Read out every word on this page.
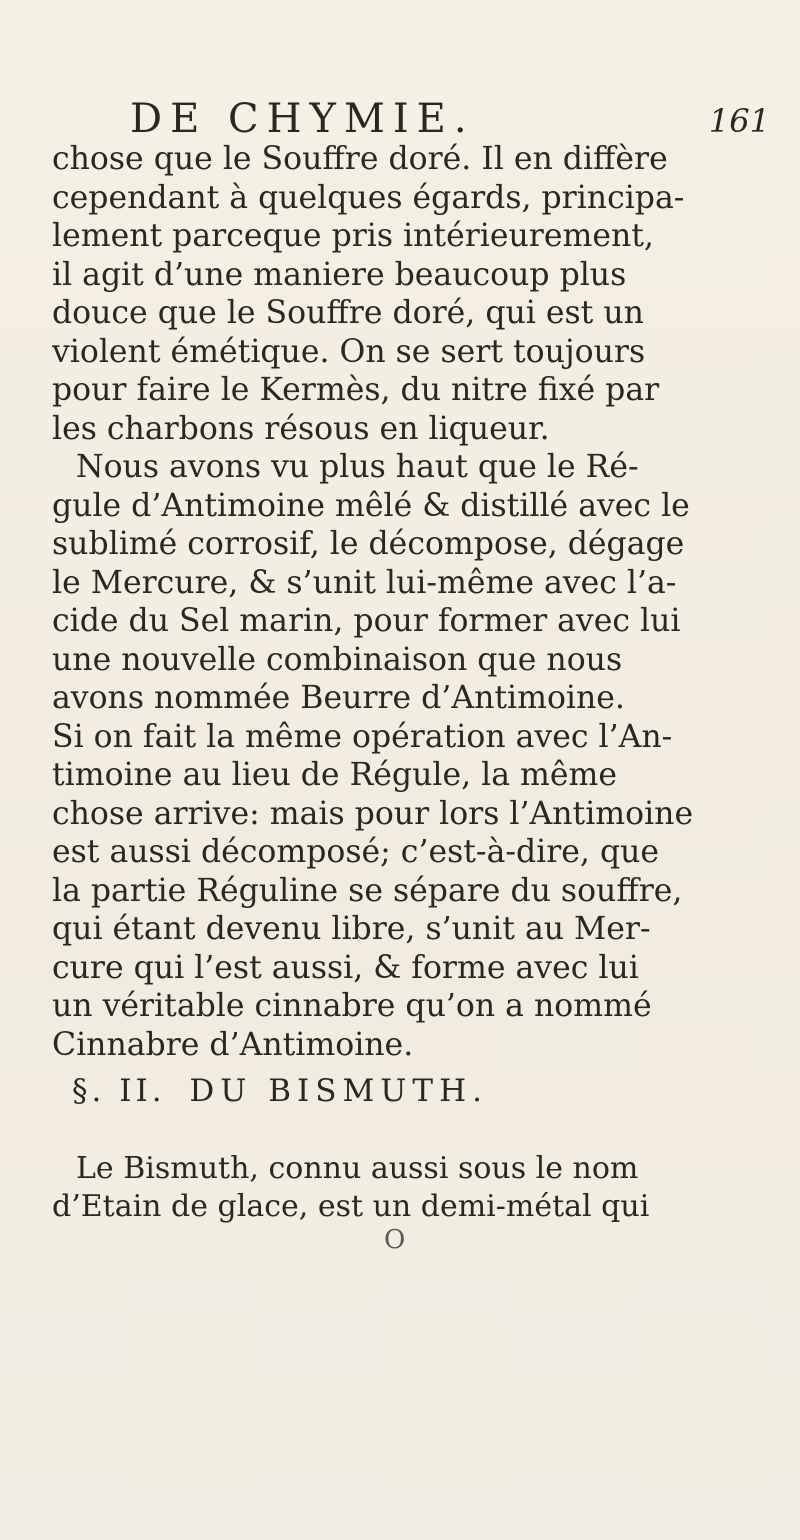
DE CHYMIE.	161
chose que le Souffre doré. Il en diffère
cependant à quelques égards, principa-
lement parceque pris intérieurement,
il agit d’une maniere beaucoup plus
douce que le Souffre doré, qui est un
violent émétique. On se sert toujours
pour faire le Kermès, du nitre fixé par
les charbons résous en liqueur.
Nous avons vu plus haut que le Ré-
gule d’Antimoine mêlé & distillé avec le
sublimé corrosif, le décompose, dégage
le Mercure, & s’unit lui-même avec l’a-
cide du Sel marin, pour former avec lui
une nouvelle combinaison que nous
avons nommée Beurre d’Antimoine.
Si on fait la même opération avec l’An-
timoine au lieu de Régule, la même
chose arrive: mais pour lors l’Antimoine
est aussi décomposé; c’est-à-dire, que
la partie Réguline se sépare du souffre,
qui étant devenu libre, s’unit au Mer-
cure qui l’est aussi, & forme avec lui
un véritable cinnabre qu’on a nommé
Cinnabre d’Antimoine.
§. II. DU BISMUTH.
Le Bismuth, connu aussi sous le nom
d’Etain de glace, est un demi-métal qui
O
